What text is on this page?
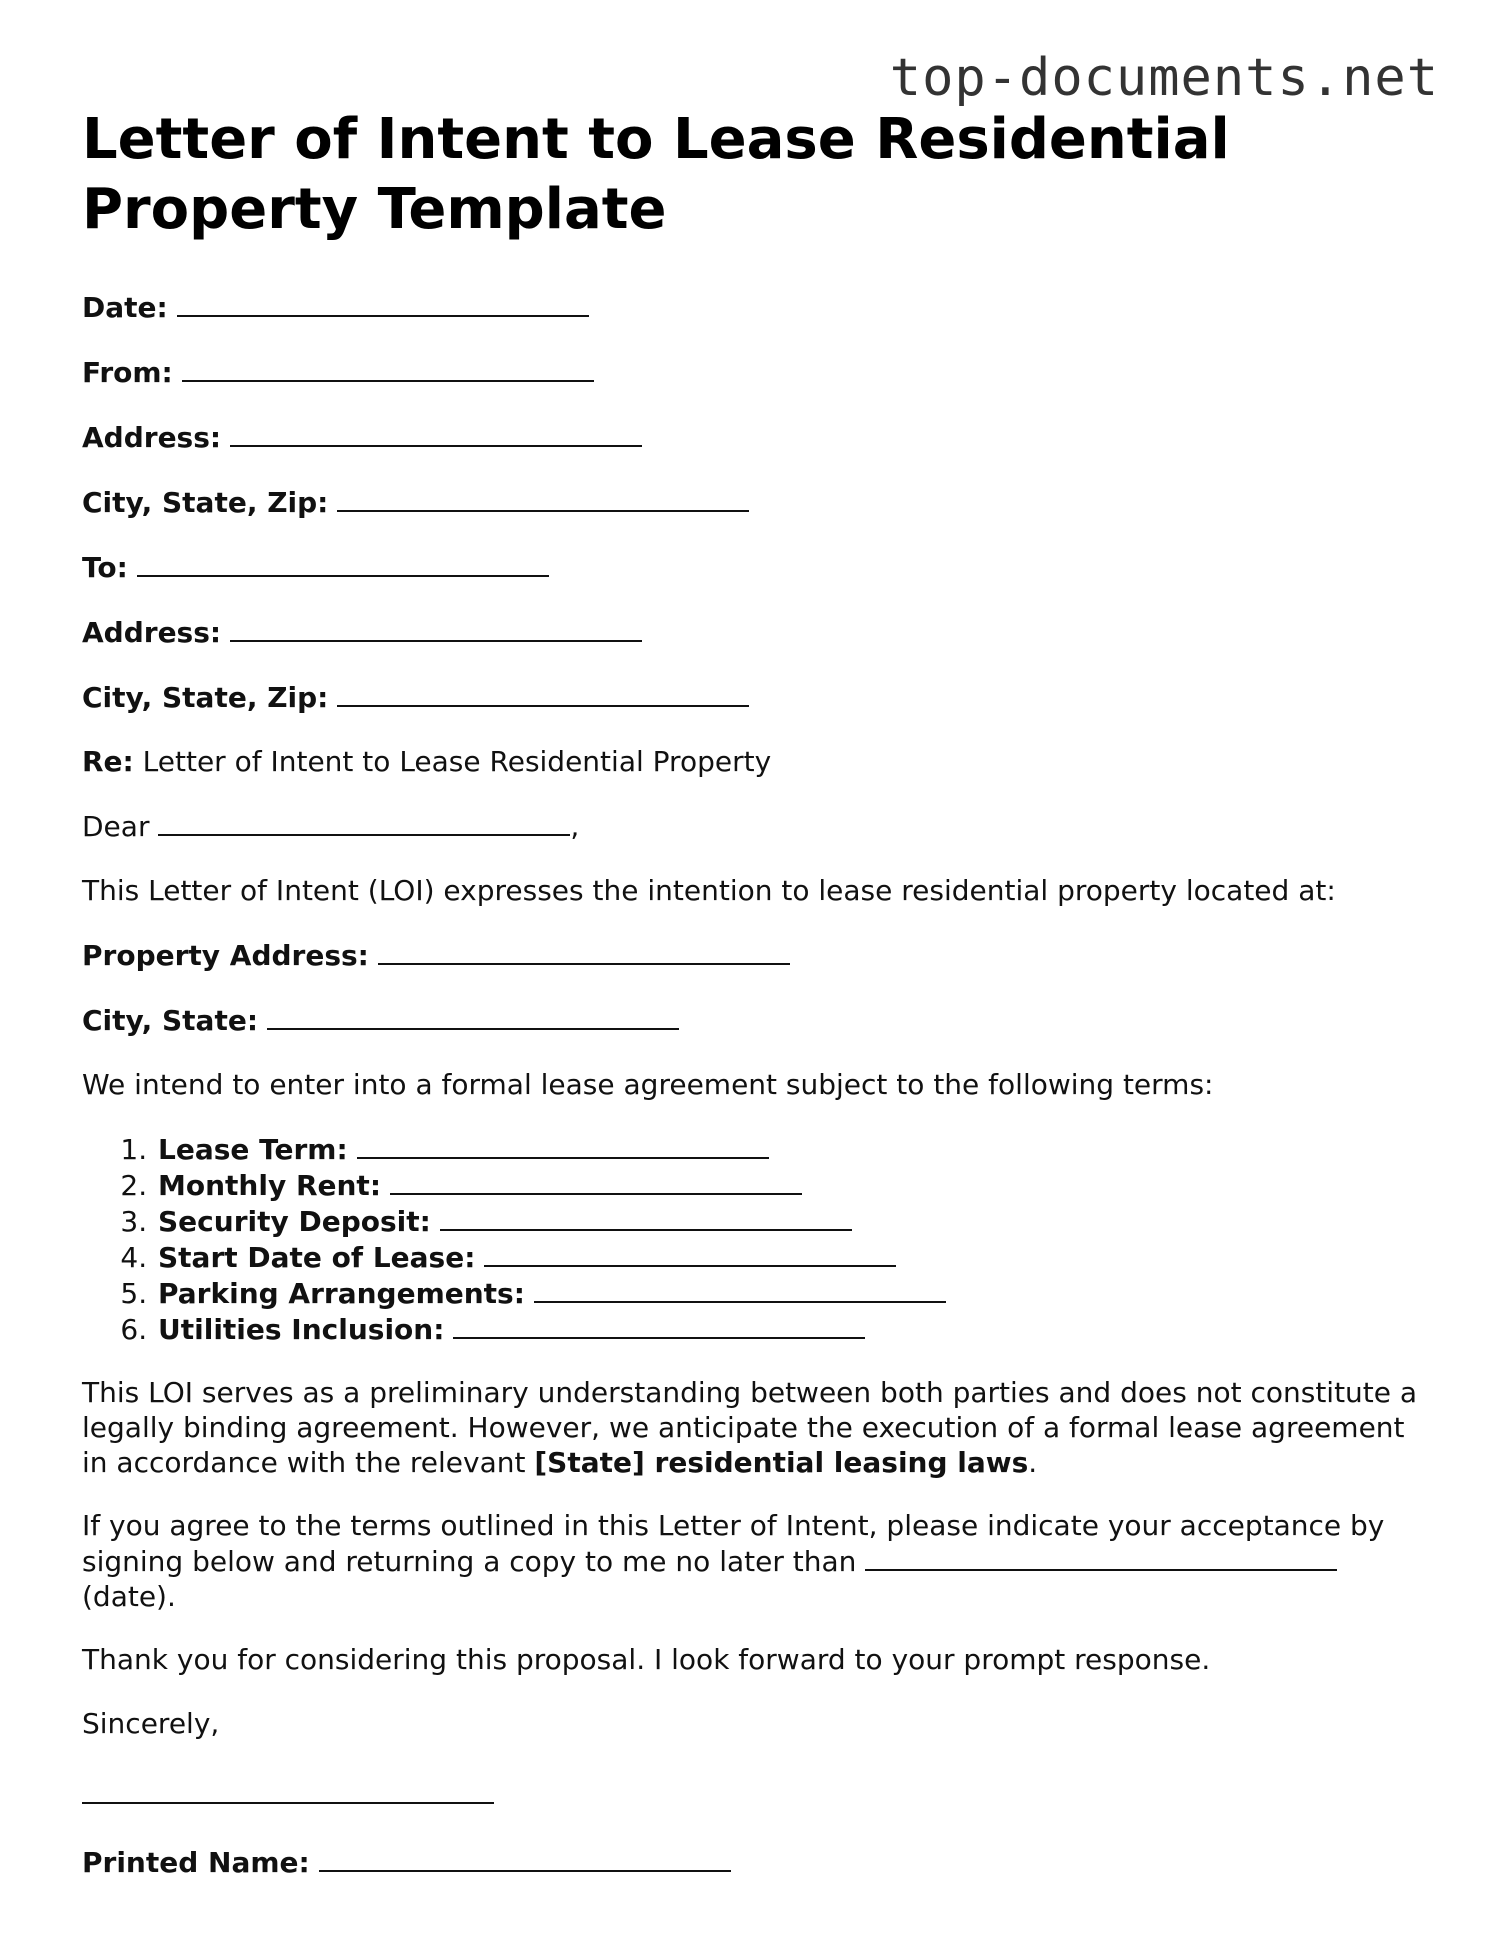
top-documents.net
Letter of Intent to Lease Residential Property Template
Date:
From:
Address:
City, State, Zip:
To:
Address:
City, State, Zip:
Re: Letter of Intent to Lease Residential Property
Dear	,
This Letter of Intent (LOI) expresses the intention to lease residential property located at:
Property Address:
City, State:
We intend to enter into a formal lease agreement subject to the following terms:
1. Lease Term:
2. Monthly Rent:
3. Security Deposit:
4. Start Date of Lease:
5. Parking Arrangements:
6. Utilities Inclusion:

This LOI serves as a preliminary understanding between both parties and does not constitute a legally binding agreement. However, we anticipate the execution of a formal lease agreement in accordance with the relevant [State] residential leasing laws.

If you agree to the terms outlined in this Letter of Intent, please indicate your acceptance by signing below and returning a copy to me no later than  (date).

Thank you for considering this proposal. I look forward to your prompt response.
Sincerely,
Printed Name:
